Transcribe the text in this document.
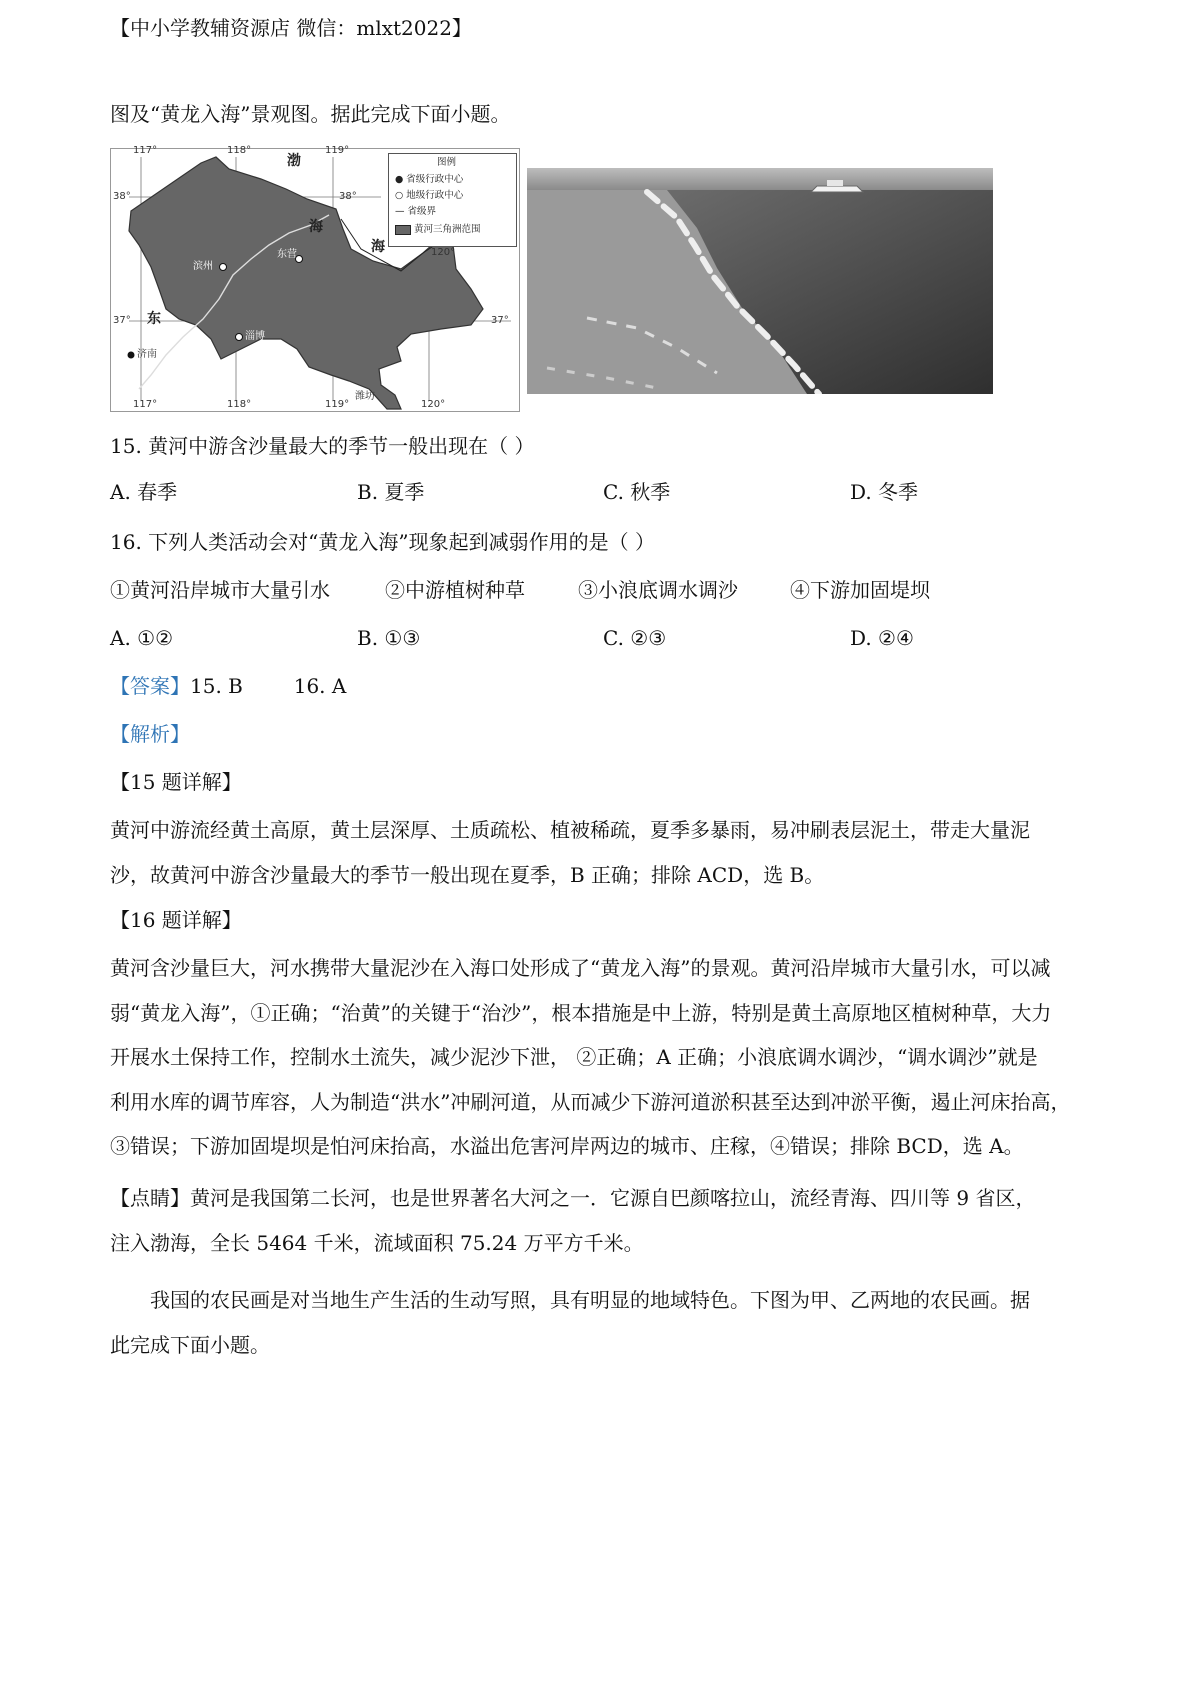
【中小学教辅资源店 微信：mlxt2022】
图及“黄龙入海”景观图。据此完成下面小题。
117°	118°	119°
38°	38°
37°	37°
120°
117°	118°	119°	120°
渤
海
海
东
滨州
东营
淄博
潍坊
济南
图例
● 省级行政中心
○ 地级行政中心
— 省级界
黄河三角洲范围
15. 黄河中游含沙量最大的季节一般出现在（ ）
A. 春季	B. 夏季	C. 秋季	D. 冬季
16. 下列人类活动会对“黄龙入海”现象起到减弱作用的是（ ）
①黄河沿岸城市大量引水	②中游植树种草	③小浪底调水调沙	④下游加固堤坝
A. ①②	B. ①③	C. ②③	D. ②④
【答案】15. B        16. A
【解析】
【15 题详解】
黄河中游流经黄土高原，黄土层深厚、土质疏松、植被稀疏，夏季多暴雨，易冲刷表层泥土，带走大量泥
沙，故黄河中游含沙量最大的季节一般出现在夏季，B 正确；排除 ACD，选 B。
【16 题详解】
黄河含沙量巨大，河水携带大量泥沙在入海口处形成了“黄龙入海”的景观。黄河沿岸城市大量引水，可以减
弱“黄龙入海”，①正确；“治黄”的关键于“治沙”，根本措施是中上游，特别是黄土高原地区植树种草，大力
开展水土保持工作，控制水土流失，减少泥沙下泄， ②正确；A 正确；小浪底调水调沙，“调水调沙”就是
利用水库的调节库容，人为制造“洪水”冲刷河道，从而减少下游河道淤积甚至达到冲淤平衡，遏止河床抬高，
③错误；下游加固堤坝是怕河床抬高，水溢出危害河岸两边的城市、庄稼，④错误；排除 BCD，选 A。
【点睛】黄河是我国第二长河，也是世界著名大河之一．它源自巴颜喀拉山，流经青海、四川等 9 省区，
注入渤海，全长 5464 千米，流域面积 75.24 万平方千米。
我国的农民画是对当地生产生活的生动写照，具有明显的地域特色。下图为甲、乙两地的农民画。据
此完成下面小题。
